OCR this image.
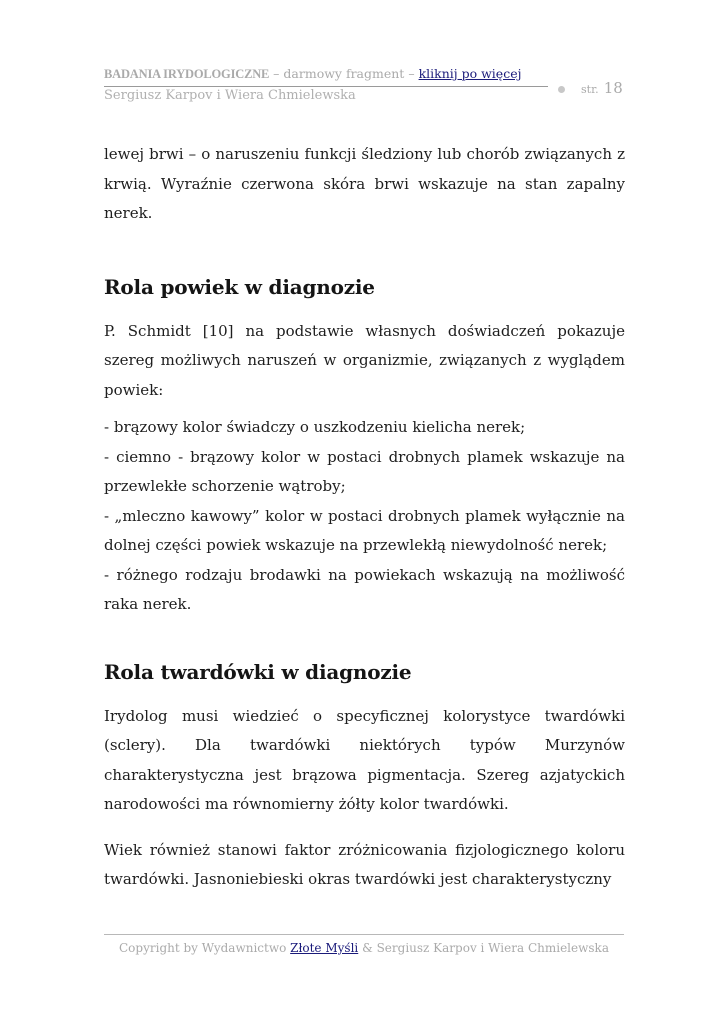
BADANIA IRYDOLOGICZNE – darmowy fragment – kliknij po więcej
Sergiusz Karpov i Wiera Chmielewska	str. 18

lewej brwi – o naruszeniu funkcji śledziony lub chorób związanych z krwią. Wyraźnie czerwona skóra brwi wskazuje na stan zapalny nerek.

Rola powiek w diagnozie

P. Schmidt [10] na podstawie własnych doświadczeń pokazuje szereg możliwych naruszeń w organizmie, związanych z wyglądem powiek:

- brązowy kolor świadczy o uszkodzeniu kielicha nerek;
- ciemno - brązowy kolor w postaci drobnych plamek wskazuje na przewlekłe schorzenie wątroby;
- „mleczno kawowy” kolor w postaci drobnych plamek wyłącznie na dolnej części powiek wskazuje na przewlekłą niewydolność nerek;
- różnego rodzaju brodawki na powiekach wskazują na możliwość raka nerek.
Rola twardówki w diagnozie

Irydolog musi wiedzieć o specyficznej kolorystyce twardówki (sclery). Dla twardówki niektórych typów Murzynów charakterystyczna jest brązowa pigmentacja. Szereg azjatyckich narodowości ma równomierny żółty kolor twardówki.

Wiek również stanowi faktor zróżnicowania fizjologicznego koloru twardówki. Jasnoniebieski okras twardówki jest charakterystyczny

Copyright by Wydawnictwo Złote Myśli & Sergiusz Karpov i Wiera Chmielewska
